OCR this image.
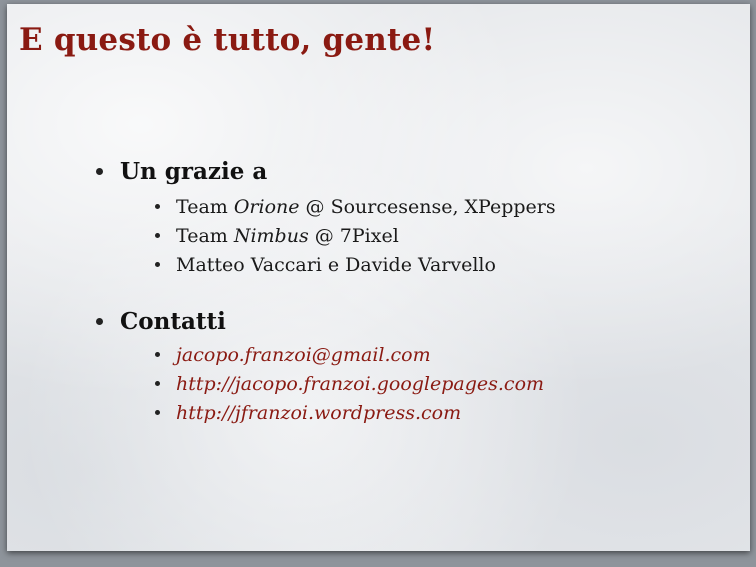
E questo è tutto, gente!
Un grazie a
Team Orione @ Sourcesense, XPeppers
Team Nimbus @ 7Pixel
Matteo Vaccari e Davide Varvello
Contatti
jacopo.franzoi@gmail.com
http://jacopo.franzoi.googlepages.com
http://jfranzoi.wordpress.com
